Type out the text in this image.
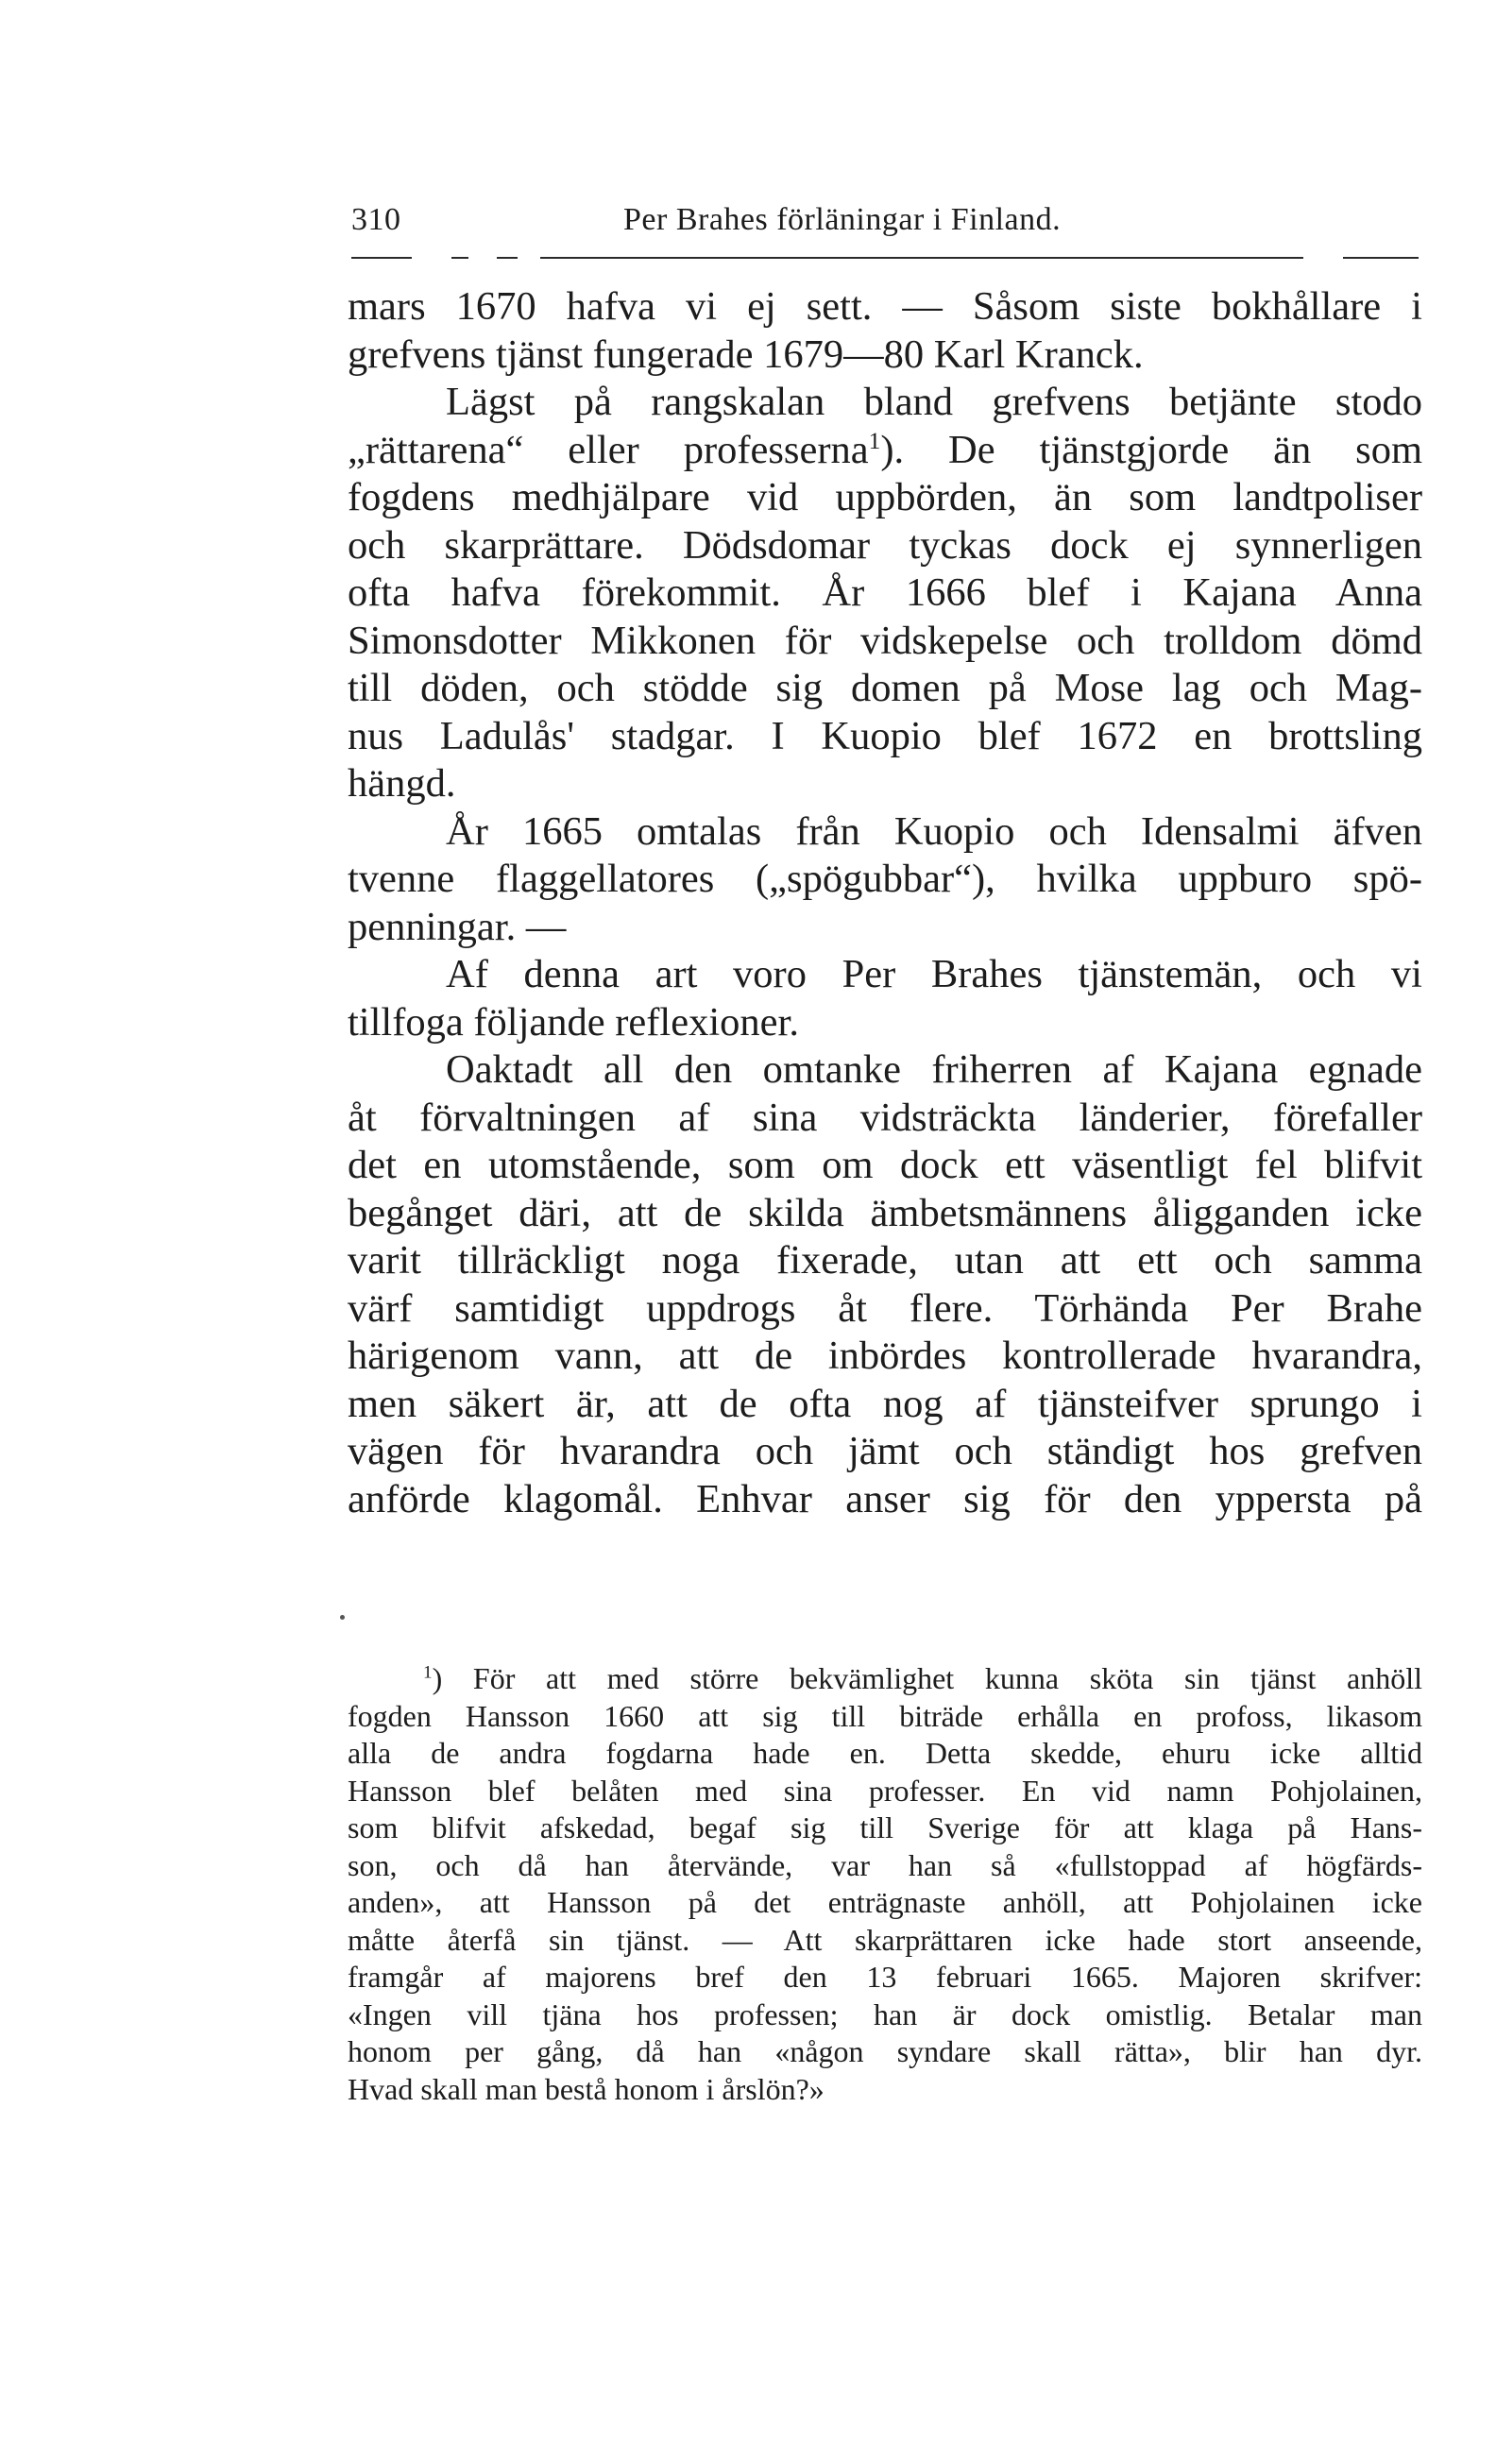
310	Per Brahes förläningar i Finland.
mars 1670 hafva vi ej sett. — Såsom siste bokhållare i
grefvens tjänst fungerade 1679—80 Karl Kranck.
Lägst på rangskalan bland grefvens betjänte stodo
„rättarena“ eller professerna$^1$). De tjänstgjorde än som
fogdens medhjälpare vid uppbörden, än som landtpoliser
och skarprättare. Dödsdomar tyckas dock ej synnerligen
ofta hafva förekommit. År 1666 blef i Kajana Anna
Simonsdotter Mikkonen för vidskepelse och trolldom dömd
till döden, och stödde sig domen på Mose lag och Mag-
nus Ladulås' stadgar. I Kuopio blef 1672 en brottsling
hängd.
År 1665 omtalas från Kuopio och Idensalmi äfven
tvenne flaggellatores („spögubbar“), hvilka uppburo spö-
penningar. —
Af denna art voro Per Brahes tjänstemän, och vi
tillfoga följande reflexioner.
Oaktadt all den omtanke friherren af Kajana egnade
åt förvaltningen af sina vidsträckta länderier, förefaller
det en utomstående, som om dock ett väsentligt fel blifvit
begånget däri, att de skilda ämbetsmännens åligganden icke
varit tillräckligt noga fixerade, utan att ett och samma
värf samtidigt uppdrogs åt flere. Törhända Per Brahe
härigenom vann, att de inbördes kontrollerade hvarandra,
men säkert är, att de ofta nog af tjänsteifver sprungo i
vägen för hvarandra och jämt och ständigt hos grefven
anförde klagomål. Enhvar anser sig för den yppersta på
$^1$) För att med större bekvämlighet kunna sköta sin tjänst anhöll
fogden Hansson 1660 att sig till biträde erhålla en profoss, likasom
alla de andra fogdarna hade en. Detta skedde, ehuru icke alltid
Hansson blef belåten med sina professer. En vid namn Pohjolainen,
som blifvit afskedad, begaf sig till Sverige för att klaga på Hans-
son, och då han återvände, var han så «fullstoppad af högfärds-
anden», att Hansson på det enträgnaste anhöll, att Pohjolainen icke
måtte återfå sin tjänst. — Att skarprättaren icke hade stort anseende,
framgår af majorens bref den 13 februari 1665. Majoren skrifver:
«Ingen vill tjäna hos professen; han är dock omistlig. Betalar man
honom per gång, då han «någon syndare skall rätta», blir han dyr.
Hvad skall man bestå honom i årslön?»
